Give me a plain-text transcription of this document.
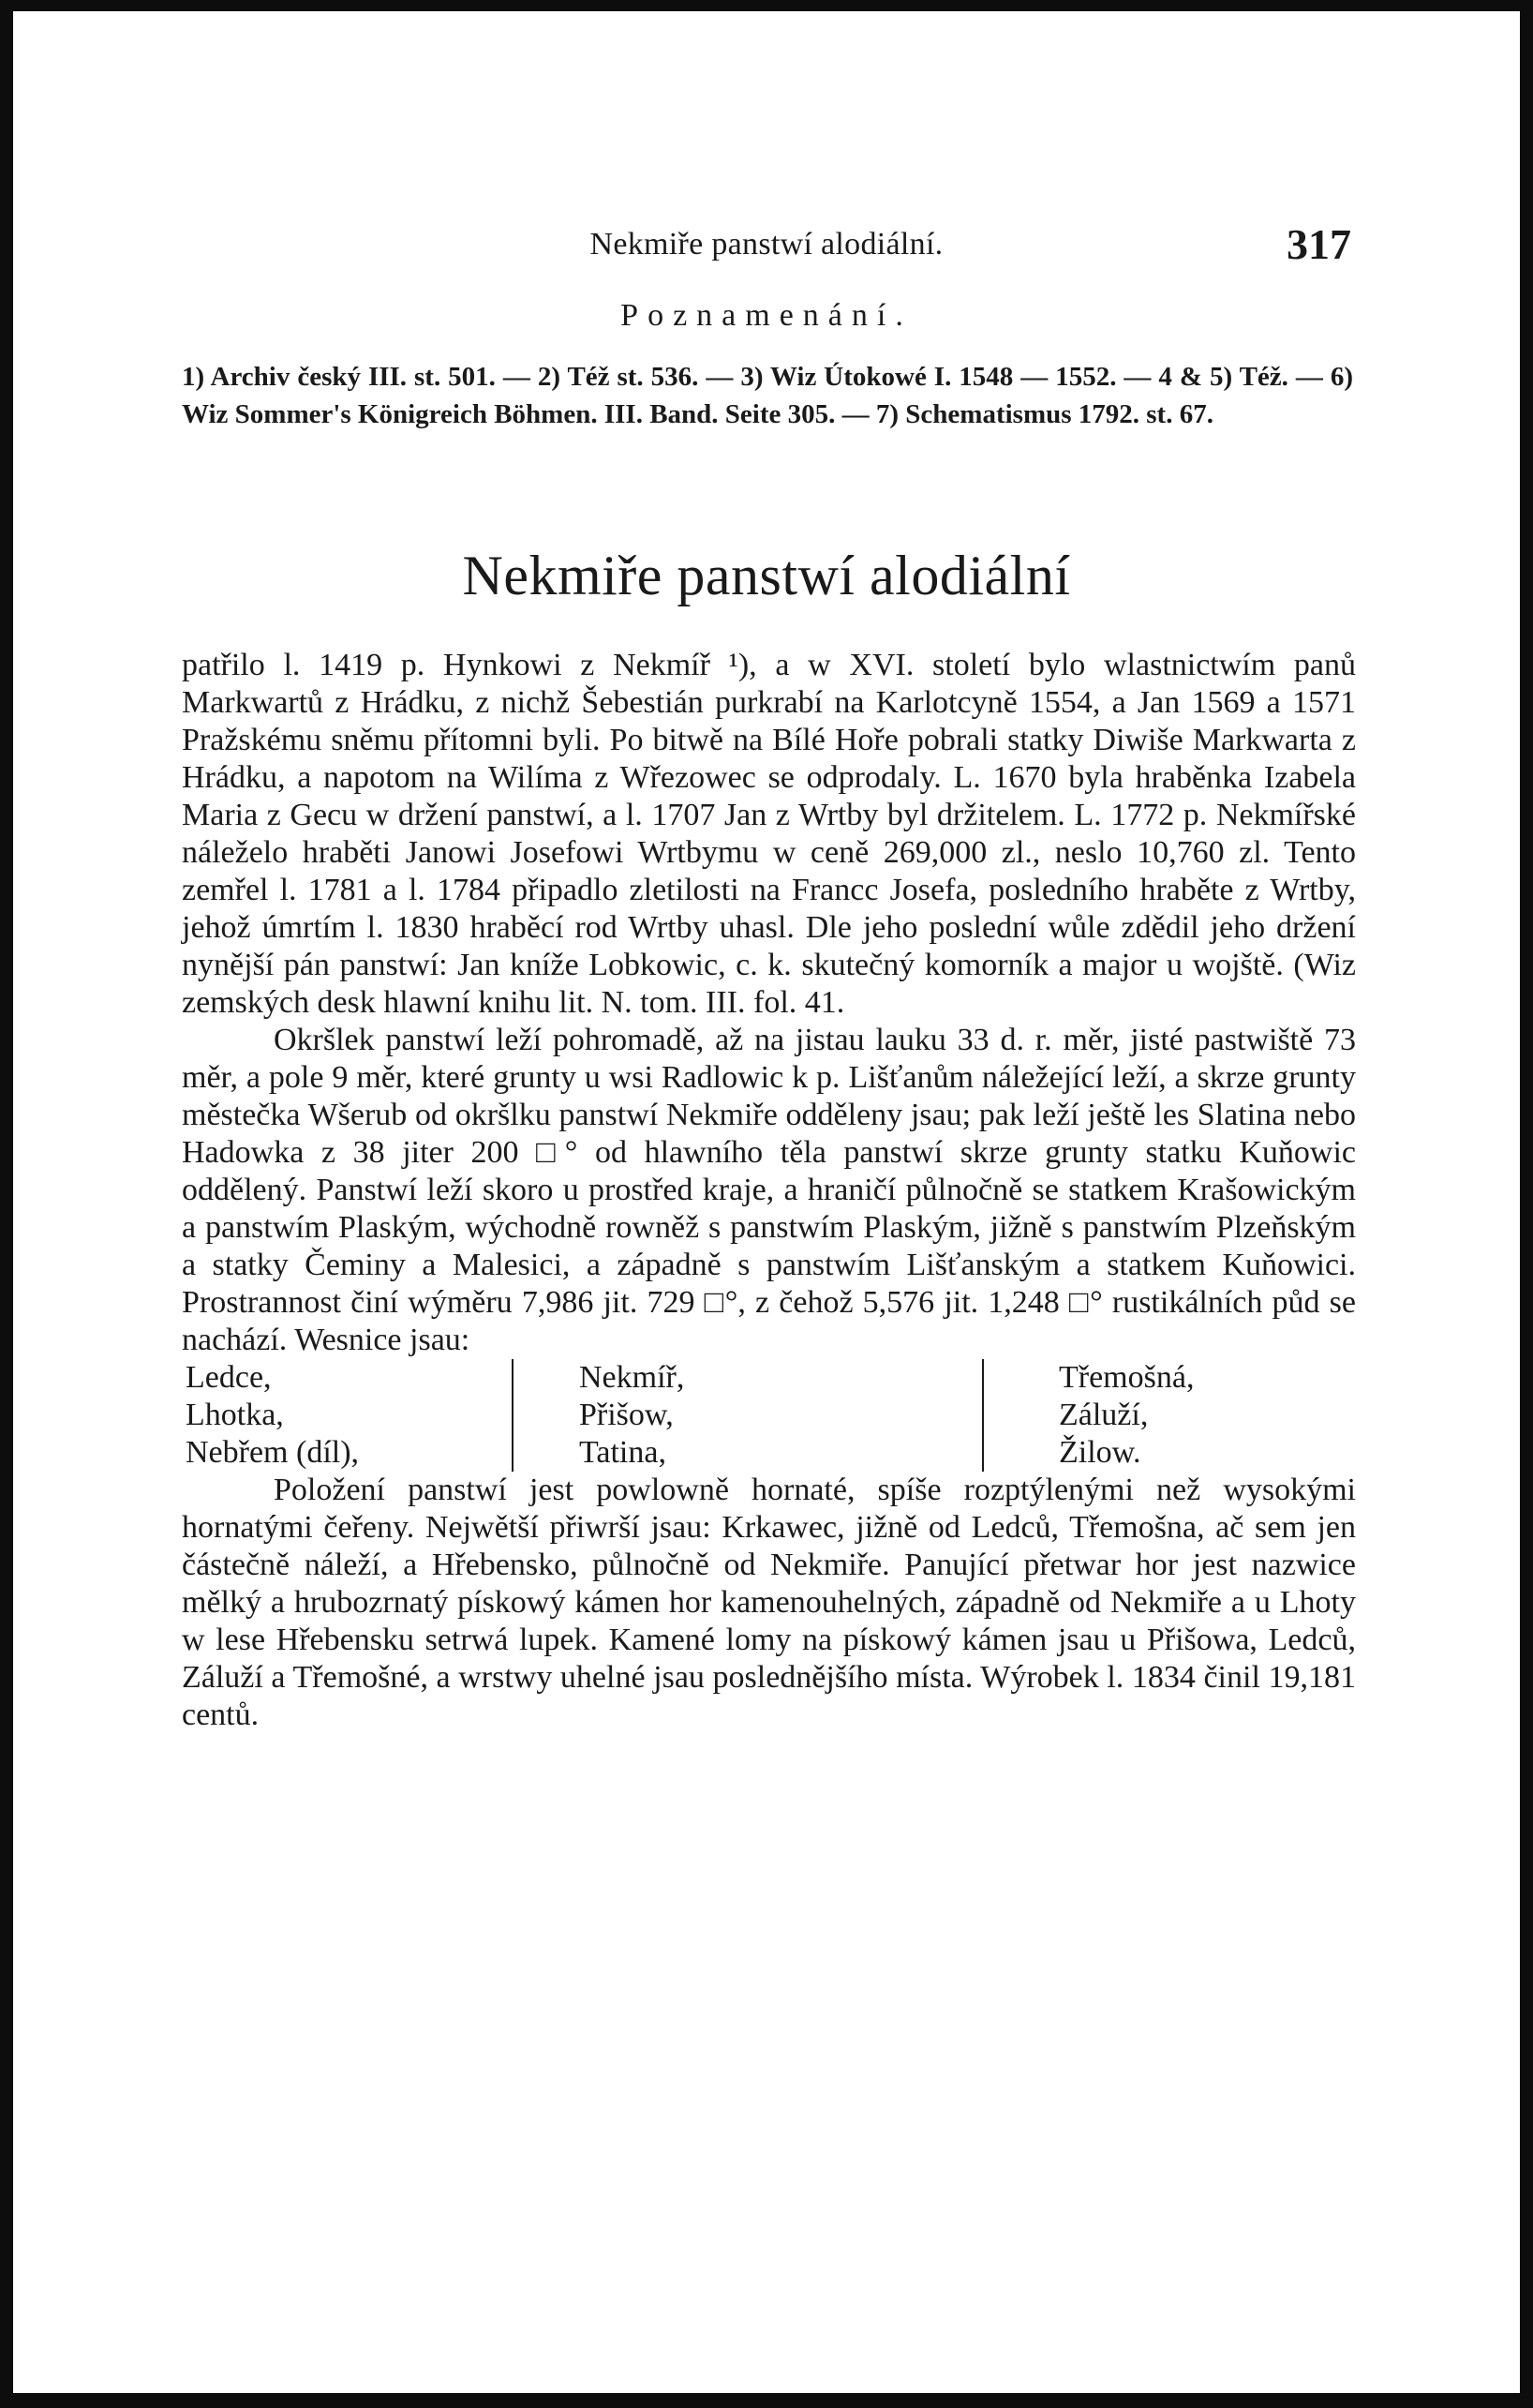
Nekmiře panstwí alodiální.	317
Poznamenání.
1) Archiv český III. st. 501. — 2) Též st. 536. — 3) Wiz Útokowé I. 1548 — 1552. — 4 & 5) Též. — 6) Wiz Sommer's Königreich Böhmen. III. Band. Seite 305. — 7) Schematismus 1792. st. 67.
Nekmiře panstwí alodiální

patřilo l. 1419 p. Hynkowi z Nekmíř ¹), a w XVI. století bylo wlastnictwím panů Markwartů z Hrádku, z nichž Šebestián purkrabí na Karlotcyně 1554, a Jan 1569 a 1571 Pražskému sněmu přítomni byli. Po bitwě na Bílé Hoře pobrali statky Diwiše Markwarta z Hrádku, a napotom na Wilíma z Wřezowec se odprodaly. L. 1670 byla hraběnka Izabela Maria z Gecu w držení panstwí, a l. 1707 Jan z Wrtby byl držitelem. L. 1772 p. Nekmířské náleželo hraběti Janowi Josefowi Wrtbymu w ceně 269,000 zl., neslo 10,760 zl. Tento zemřel l. 1781 a l. 1784 připadlo zletilosti na Francc Josefa, posledního hraběte z Wrtby, jehož úmrtím l. 1830 hraběcí rod Wrtby uhasl. Dle jeho poslední wůle zdědil jeho držení nynější pán panstwí: Jan kníže Lobkowic, c. k. skutečný komorník a major u wojště. (Wiz zemských desk hlawní knihu lit. N. tom. III. fol. 41.

Okršlek panstwí leží pohromadě, až na jistau lauku 33 d. r. měr, jisté pastwiště 73 měr, a pole 9 měr, které grunty u wsi Radlowic k p. Lišťanům náležející leží, a skrze grunty městečka Wšerub od okršlku panstwí Nekmiře odděleny jsau; pak leží ještě les Slatina nebo Hadowka z 38 jiter 200 □° od hlawního těla panstwí skrze grunty statku Kuňowic oddělený. Panstwí leží skoro u prostřed kraje, a hraničí půlnočně se statkem Krašowickým a panstwím Plaským, wýchodně rowněž s panstwím Plaským, jižně s panstwím Plzeňským a statky Čeminy a Malesici, a západně s panstwím Lišťanským a statkem Kuňowici. Prostrannost činí wýměru 7,986 jit. 729 □°, z čehož 5,576 jit. 1,248 □° rustikálních půd se nachází. Wesnice jsau:

Ledce,
Lhotka,
Nebřem (díl),
Nekmíř,
Přišow,
Tatina,
Třemošná,
Záluží,
Žilow.

Položení panstwí jest powlowně hornaté, spíše rozptýlenými než wysokými hornatými čeřeny. Nejwětší přiwrší jsau: Krkawec, jižně od Ledců, Třemošna, ač sem jen částečně náleží, a Hřebensko, půlnočně od Nekmiře. Panující přetwar hor jest nazwice mělký a hrubozrnatý pískowý kámen hor kamenouhelných, západně od Nekmiře a u Lhoty w lese Hřebensku setrwá lupek. Kamené lomy na pískowý kámen jsau u Přišowa, Ledců, Záluží a Třemošné, a wrstwy uhelné jsau poslednějšího místa. Wýrobek l. 1834 činil 19,181 centů.
